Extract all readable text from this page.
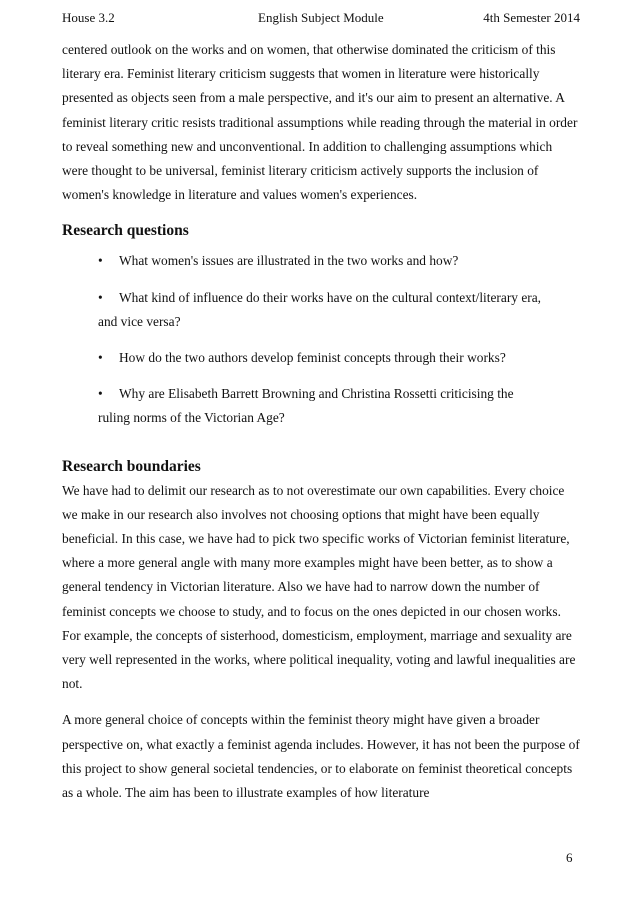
House 3.2	English Subject Module	4th Semester 2014

centered outlook on the works and on women, that otherwise dominated the criticism of this literary era. Feminist literary criticism suggests that women in literature were historically presented as objects seen from a male perspective, and it's our aim to present an alternative. A feminist literary critic resists traditional assumptions while reading through the material in order to reveal something new and unconventional. In addition to challenging assumptions which were thought to be universal, feminist literary criticism actively supports the inclusion of women's knowledge in literature and values women's experiences.

Research questions
• What women's issues are illustrated in the two works and how?
• What kind of influence do their works have on the cultural context/literary era,
and vice versa?
• How do the two authors develop feminist concepts through their works?
• Why are Elisabeth Barrett Browning and Christina Rossetti criticising the
ruling norms of the Victorian Age?
Research boundaries

We have had to delimit our research as to not overestimate our own capabilities. Every choice we make in our research also involves not choosing options that might have been equally beneficial. In this case, we have had to pick two specific works of Victorian feminist literature, where a more general angle with many more examples might have been better, as to show a general tendency in Victorian literature. Also we have had to narrow down the number of feminist concepts we choose to study, and to focus on the ones depicted in our chosen works. For example, the concepts of sisterhood, domesticism, employment, marriage and sexuality are very well represented in the works, where political inequality, voting and lawful inequalities are not.

A more general choice of concepts within the feminist theory might have given a broader perspective on, what exactly a feminist agenda includes. However, it has not been the purpose of this project to show general societal tendencies, or to elaborate on feminist theoretical concepts as a whole. The aim has been to illustrate examples of how literature

6
